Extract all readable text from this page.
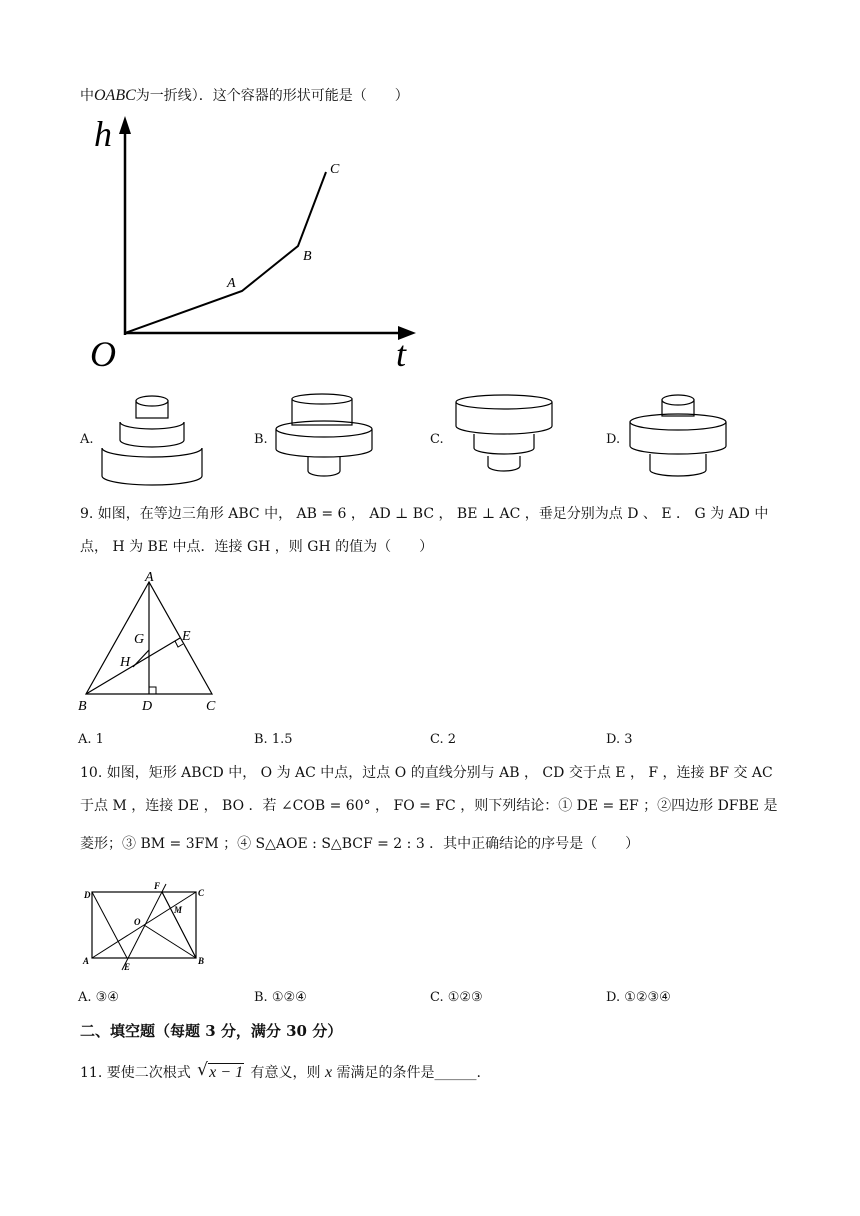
中OABC为一折线）．这个容器的形状可能是（　　）
h
t
O
A
B
C
A.	B.	C.	D.
9. 如图，在等边三角形 ABC 中， AB = 6 ， AD ⊥ BC ， BE ⊥ AC ，垂足分别为点 D 、 E ． G 为 AD 中
点， H 为 BE 中点．连接 GH ，则 GH 的值为（　　）
A
B	C
D
E
G
H
A. 1	B. 1.5	C. 2	D. 3
10. 如图，矩形 ABCD 中， O 为 AC 中点，过点 O 的直线分别与 AB ， CD 交于点 E ， F ，连接 BF 交 AC
于点 M ，连接 DE ， BO ．若 ∠COB = 60° ， FO = FC ，则下列结论：① DE = EF ；②四边形 DFBE 是
菱形；③ BM = 3FM ；④ S△AOE : S△BCF = 2 : 3 ．其中正确结论的序号是（　　）
D	C
A	B
E
F
M
O
A. ③④	B. ①②④	C. ①②③	D. ①②③④
二、填空题（每题 3 分，满分 30 分）
11. 要使二次根式 √ x − 1 有意义，则 x 需满足的条件是______.
